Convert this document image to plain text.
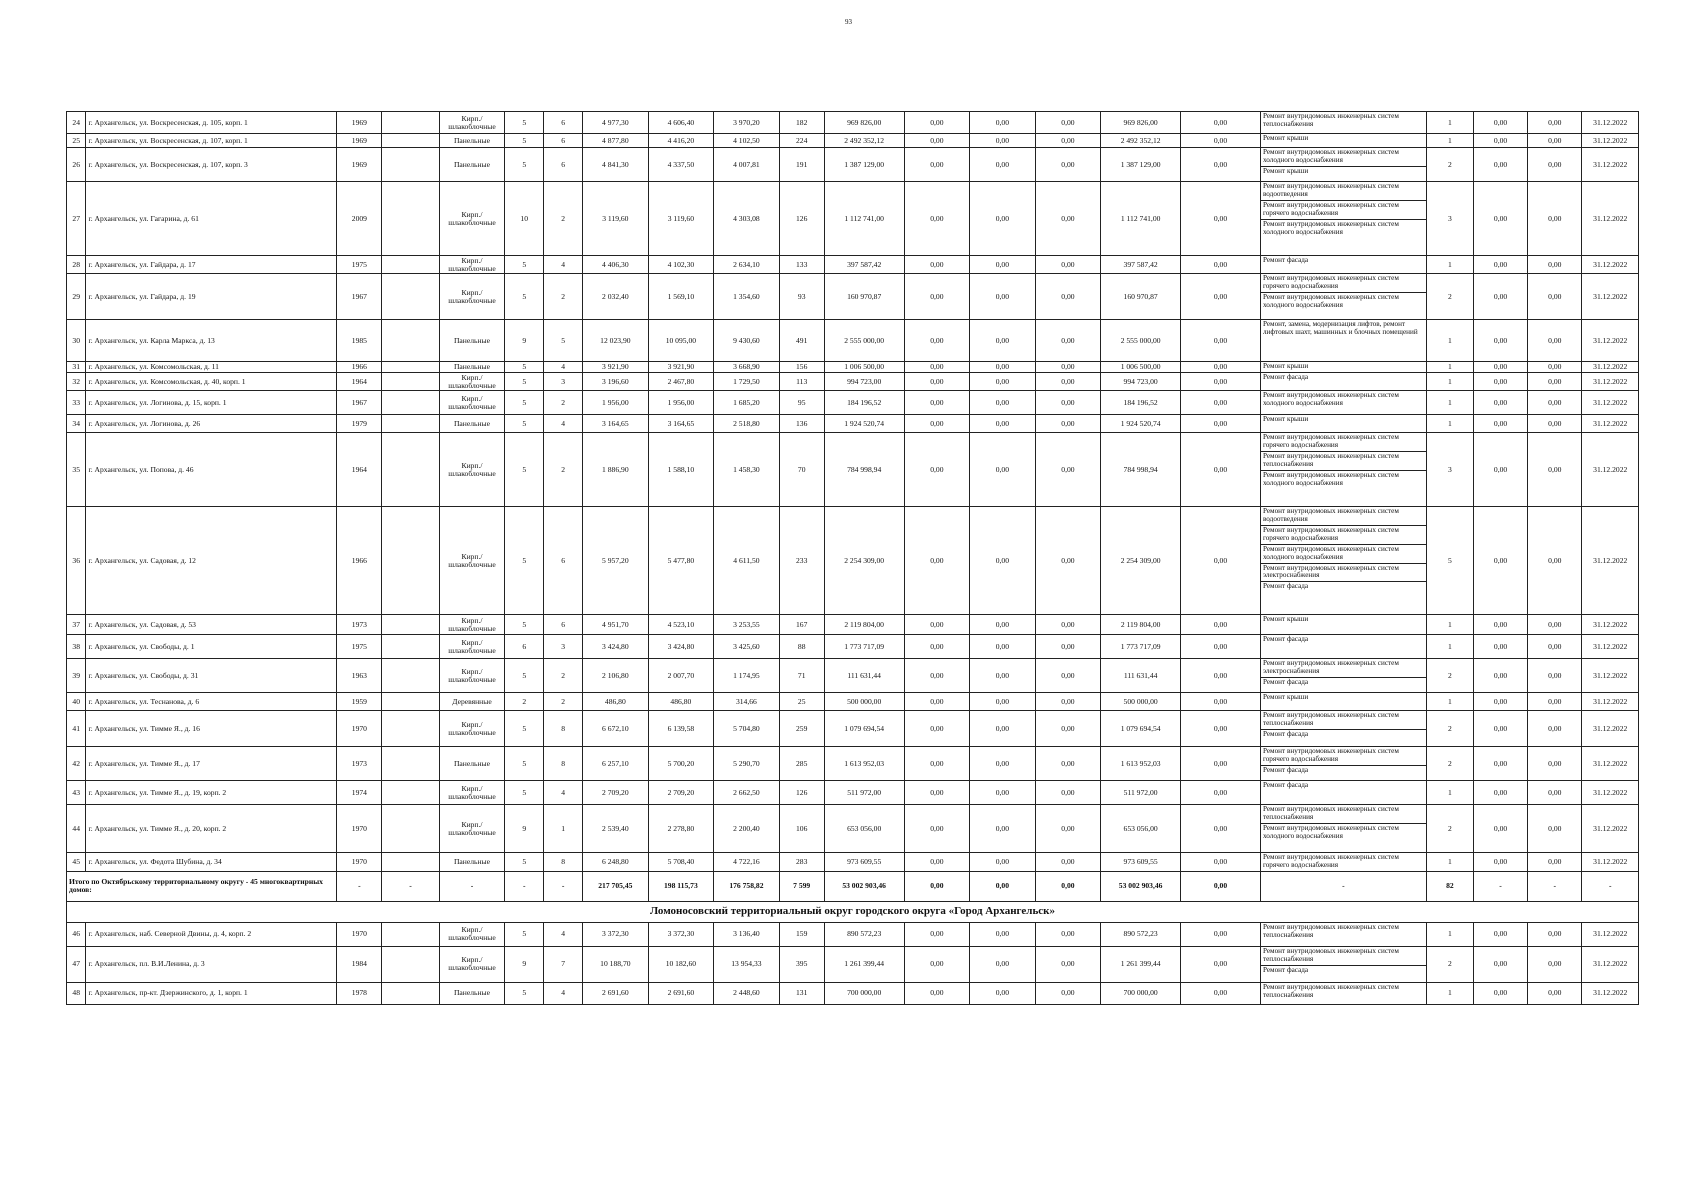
93
24	г. Архангельск, ул. Воскресенская, д. 105, корп. 1	1969		Кирп./ шлакоблочные	5	6	4 977,30	4 606,40	3 970,20	182	969 826,00	0,00	0,00	0,00	969 826,00	0,00	Ремонт внутридомовых инженерных систем теплоснабжения	1	0,00	0,00	31.12.2022
25	г. Архангельск, ул. Воскресенская, д. 107, корп. 1	1969		Панельные	5	6	4 877,80	4 416,20	4 102,50	224	2 492 352,12	0,00	0,00	0,00	2 492 352,12	0,00	Ремонт крыши	1	0,00	0,00	31.12.2022
26	г. Архангельск, ул. Воскресенская, д. 107, корп. 3	1969		Панельные	5	6	4 841,30	4 337,50	4 007,81	191	1 387 129,00	0,00	0,00	0,00	1 387 129,00	0,00	Ремонт внутридомовых инженерных систем холодного водоснабжения
Ремонт крыши	2	0,00	0,00	31.12.2022
27	г. Архангельск, ул. Гагарина, д. 61	2009		Кирп./ шлакоблочные	10	2	3 119,60	3 119,60	4 303,08	126	1 112 741,00	0,00	0,00	0,00	1 112 741,00	0,00	Ремонт внутридомовых инженерных систем водоотведения
Ремонт внутридомовых инженерных систем горячего водоснабжения
Ремонт внутридомовых инженерных систем холодного водоснабжения	3	0,00	0,00	31.12.2022
28	г. Архангельск, ул. Гайдара, д. 17	1975		Кирп./ шлакоблочные	5	4	4 406,30	4 102,30	2 634,10	133	397 587,42	0,00	0,00	0,00	397 587,42	0,00	Ремонт фасада	1	0,00	0,00	31.12.2022
29	г. Архангельск, ул. Гайдара, д. 19	1967		Кирп./ шлакоблочные	5	2	2 032,40	1 569,10	1 354,60	93	160 970,87	0,00	0,00	0,00	160 970,87	0,00	Ремонт внутридомовых инженерных систем горячего водоснабжения
Ремонт внутридомовых инженерных систем холодного водоснабжения	2	0,00	0,00	31.12.2022
30	г. Архангельск, ул. Карла Маркса, д. 13	1985		Панельные	9	5	12 023,90	10 095,00	9 430,60	491	2 555 000,00	0,00	0,00	0,00	2 555 000,00	0,00	Ремонт, замена, модернизация лифтов, ремонт лифтовых шахт, машинных и блочных помещений	1	0,00	0,00	31.12.2022
31	г. Архангельск, ул. Комсомольская, д. 11	1966		Панельные	5	4	3 921,90	3 921,90	3 668,90	156	1 006 500,00	0,00	0,00	0,00	1 006 500,00	0,00	Ремонт крыши	1	0,00	0,00	31.12.2022
32	г. Архангельск, ул. Комсомольская, д. 40, корп. 1	1964		Кирп./ шлакоблочные	5	3	3 196,60	2 467,80	1 729,50	113	994 723,00	0,00	0,00	0,00	994 723,00	0,00	Ремонт фасада	1	0,00	0,00	31.12.2022
33	г. Архангельск, ул. Логинова, д. 15, корп. 1	1967		Кирп./ шлакоблочные	5	2	1 956,00	1 956,00	1 685,20	95	184 196,52	0,00	0,00	0,00	184 196,52	0,00	Ремонт внутридомовых инженерных систем холодного водоснабжения	1	0,00	0,00	31.12.2022
34	г. Архангельск, ул. Логинова, д. 26	1979		Панельные	5	4	3 164,65	3 164,65	2 518,80	136	1 924 520,74	0,00	0,00	0,00	1 924 520,74	0,00	Ремонт крыши	1	0,00	0,00	31.12.2022
35	г. Архангельск, ул. Попова, д. 46	1964		Кирп./ шлакоблочные	5	2	1 886,90	1 588,10	1 458,30	70	784 998,94	0,00	0,00	0,00	784 998,94	0,00	Ремонт внутридомовых инженерных систем горячего водоснабжения
Ремонт внутридомовых инженерных систем теплоснабжения
Ремонт внутридомовых инженерных систем холодного водоснабжения	3	0,00	0,00	31.12.2022
36	г. Архангельск, ул. Садовая, д. 12	1966		Кирп./ шлакоблочные	5	6	5 957,20	5 477,80	4 611,50	233	2 254 309,00	0,00	0,00	0,00	2 254 309,00	0,00	Ремонт внутридомовых инженерных систем водоотведения
Ремонт внутридомовых инженерных систем горячего водоснабжения
Ремонт внутридомовых инженерных систем холодного водоснабжения
Ремонт внутридомовых инженерных систем электроснабжения
Ремонт фасада	5	0,00	0,00	31.12.2022
37	г. Архангельск, ул. Садовая, д. 53	1973		Кирп./ шлакоблочные	5	6	4 951,70	4 523,10	3 253,55	167	2 119 804,00	0,00	0,00	0,00	2 119 804,00	0,00	Ремонт крыши	1	0,00	0,00	31.12.2022
38	г. Архангельск, ул. Свободы, д. 1	1975		Кирп./ шлакоблочные	6	3	3 424,80	3 424,80	3 425,60	88	1 773 717,09	0,00	0,00	0,00	1 773 717,09	0,00	Ремонт фасада	1	0,00	0,00	31.12.2022
39	г. Архангельск, ул. Свободы, д. 31	1963		Кирп./ шлакоблочные	5	2	2 106,80	2 007,70	1 174,95	71	111 631,44	0,00	0,00	0,00	111 631,44	0,00	Ремонт внутридомовых инженерных систем электроснабжения
Ремонт фасада	2	0,00	0,00	31.12.2022
40	г. Архангельск, ул. Теснанова, д. 6	1959		Деревянные	2	2	486,80	486,80	314,66	25	500 000,00	0,00	0,00	0,00	500 000,00	0,00	Ремонт крыши	1	0,00	0,00	31.12.2022
41	г. Архангельск, ул. Тимме Я., д. 16	1970		Кирп./ шлакоблочные	5	8	6 672,10	6 139,58	5 704,80	259	1 079 694,54	0,00	0,00	0,00	1 079 694,54	0,00	Ремонт внутридомовых инженерных систем теплоснабжения
Ремонт фасада	2	0,00	0,00	31.12.2022
42	г. Архангельск, ул. Тимме Я., д. 17	1973		Панельные	5	8	6 257,10	5 700,20	5 290,70	285	1 613 952,03	0,00	0,00	0,00	1 613 952,03	0,00	Ремонт внутридомовых инженерных систем горячего водоснабжения
Ремонт фасада	2	0,00	0,00	31.12.2022
43	г. Архангельск, ул. Тимме Я., д. 19, корп. 2	1974		Кирп./ шлакоблочные	5	4	2 709,20	2 709,20	2 662,50	126	511 972,00	0,00	0,00	0,00	511 972,00	0,00	Ремонт фасада	1	0,00	0,00	31.12.2022
44	г. Архангельск, ул. Тимме Я., д. 20, корп. 2	1970		Кирп./ шлакоблочные	9	1	2 539,40	2 278,80	2 200,40	106	653 056,00	0,00	0,00	0,00	653 056,00	0,00	Ремонт внутридомовых инженерных систем теплоснабжения
Ремонт внутридомовых инженерных систем холодного водоснабжения	2	0,00	0,00	31.12.2022
45	г. Архангельск, ул. Федота Шубина, д. 34	1970		Панельные	5	8	6 248,80	5 708,40	4 722,16	283	973 609,55	0,00	0,00	0,00	973 609,55	0,00	Ремонт внутридомовых инженерных систем горячего водоснабжения	1	0,00	0,00	31.12.2022
Итого по Октябрьскому территориальному округу - 45 многоквартирных домов:		-	-	-	-	-	217 705,45	198 115,73	176 758,82	7 599	53 002 903,46	0,00	0,00	0,00	53 002 903,46	0,00	-	82	-	-	-
Ломоносовский территориальный округ городского округа «Город Архангельск»																					
46	г. Архангельск, наб. Северной Двины, д. 4, корп. 2	1970		Кирп./ шлакоблочные	5	4	3 372,30	3 372,30	3 136,40	159	890 572,23	0,00	0,00	0,00	890 572,23	0,00	Ремонт внутридомовых инженерных систем теплоснабжения	1	0,00	0,00	31.12.2022
47	г. Архангельск, пл. В.И.Ленина, д. 3	1984		Кирп./ шлакоблочные	9	7	10 188,70	10 182,60	13 954,33	395	1 261 399,44	0,00	0,00	0,00	1 261 399,44	0,00	Ремонт внутридомовых инженерных систем теплоснабжения
Ремонт фасада	2	0,00	0,00	31.12.2022
48	г. Архангельск, пр-кт. Дзержинского, д. 1, корп. 1	1978		Панельные	5	4	2 691,60	2 691,60	2 448,60	131	700 000,00	0,00	0,00	0,00	700 000,00	0,00	Ремонт внутридомовых инженерных систем теплоснабжения	1	0,00	0,00	31.12.2022
